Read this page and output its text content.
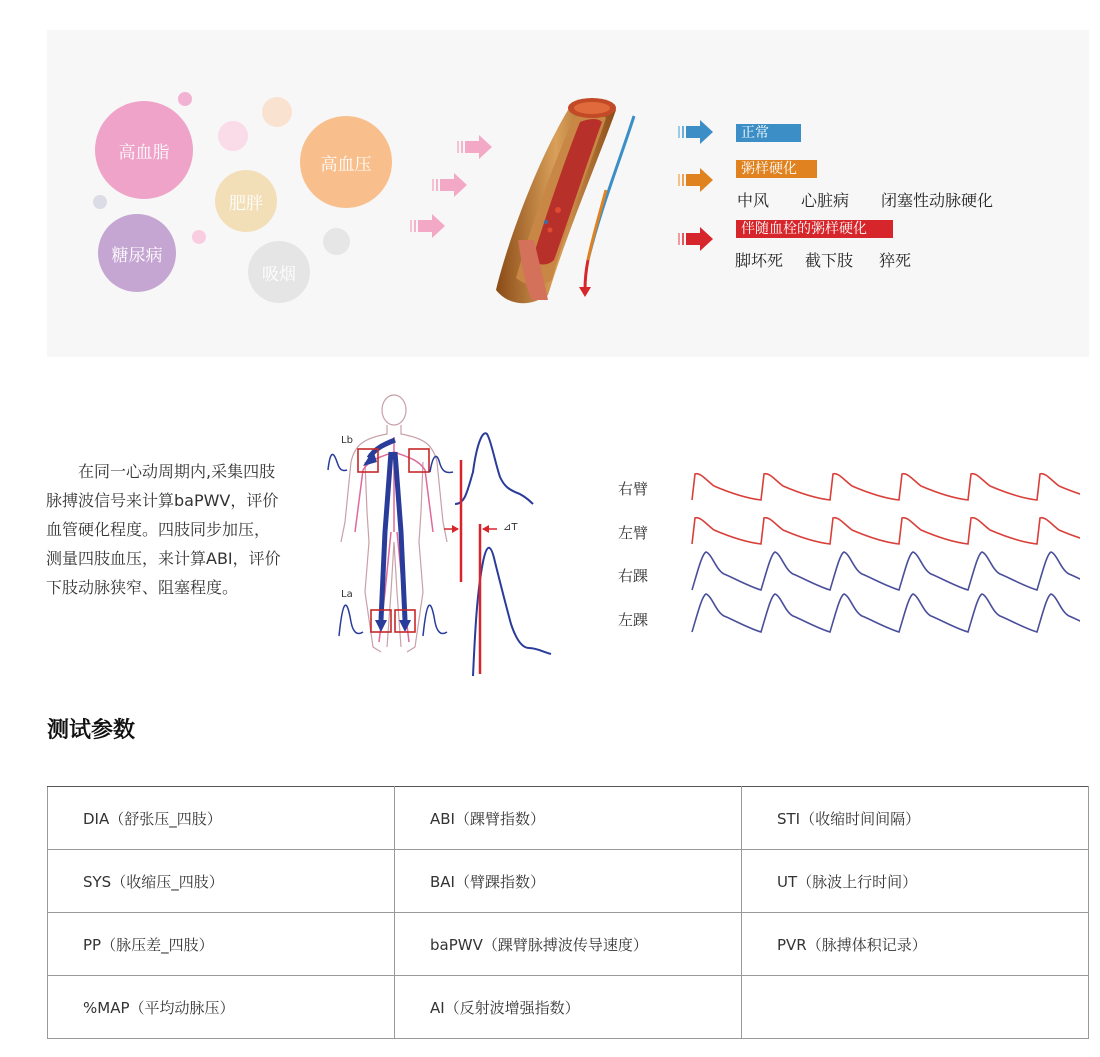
高血脂
肥胖
高血压
糖尿病
吸烟
正常
粥样硬化
中风 心脏病 闭塞性动脉硬化
伴随血栓的粥样硬化
脚坏死 截下肢 猝死
在同一心动周期内,采集四肢脉搏波信号来计算baPWV，评价血管硬化程度。四肢同步加压，测量四肢血压，来计算ABI，评价下肢动脉狭窄、阻塞程度。
Lb
La
⊿T
右臂
左臂
右踝
左踝
测试参数
DIA（舒张压_四肢）	ABI（踝臂指数）	STI（收缩时间间隔）
SYS（收缩压_四肢）	BAI（臂踝指数）	UT（脉波上行时间）
PP（脉压差_四肢）	baPWV（踝臂脉搏波传导速度）	PVR（脉搏体积记录）
%MAP（平均动脉压）	AI（反射波增强指数）	
